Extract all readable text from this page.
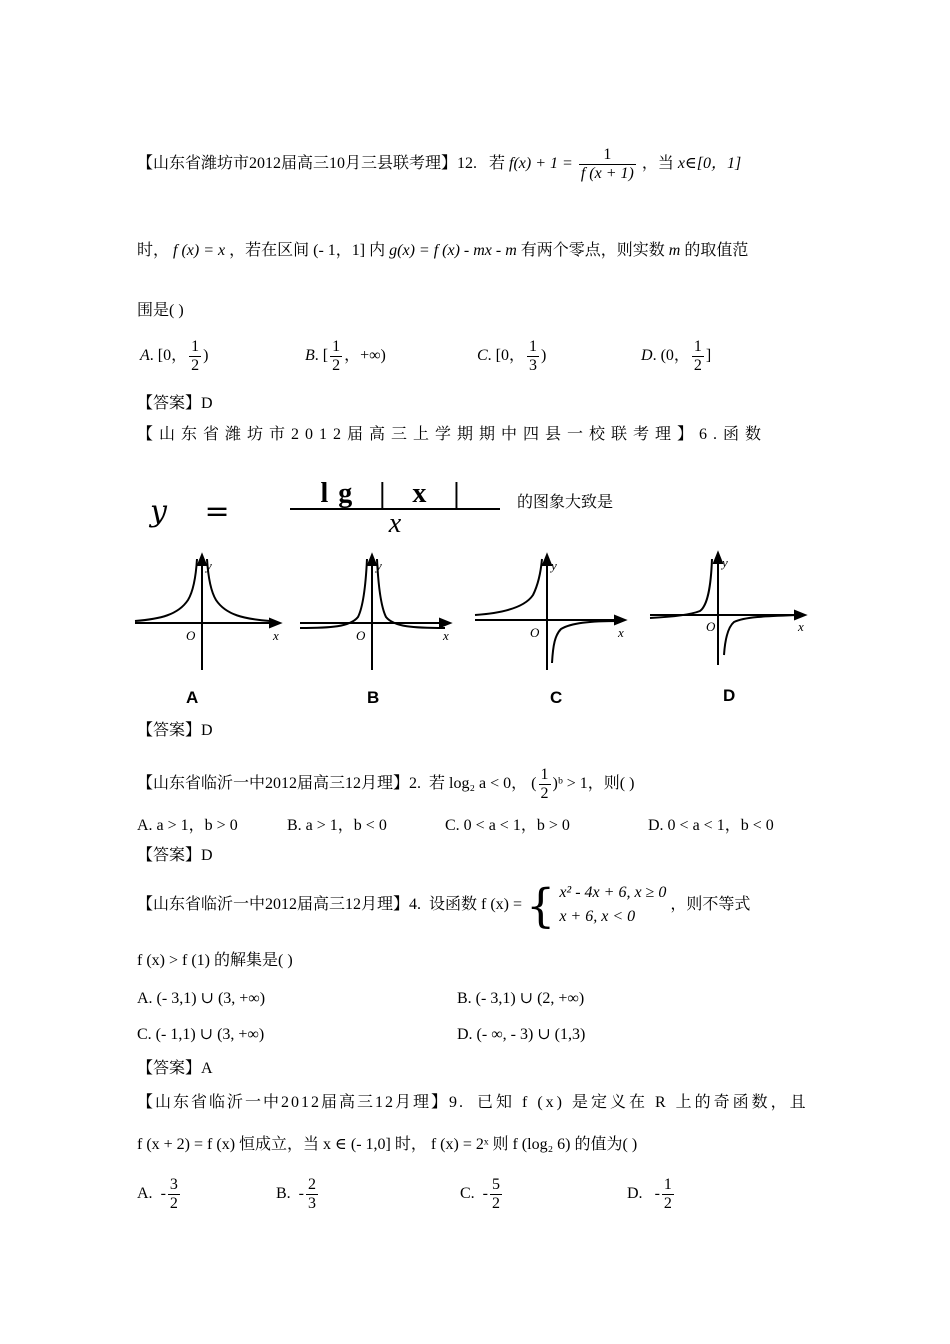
【山东省潍坊市2012届高三10月三县联考理】12. 若 $f(x) + 1 = \frac{1}{f (x + 1)}$ ，当 x∈[0，1]
时， f (x) = x ，若在区间 (- 1，1] 内 g(x) = f (x) - mx - m 有两个零点，则实数 m 的取值范
围是( )
A. [0， $\frac{1}{2}$ )	B. [ $\frac{1}{2}$ ，+∞)	C. [0， $\frac{1}{3}$ )	D. (0， $\frac{1}{2}$ ]
【答案】D
【山东省潍坊市2012届高三上学期期中四县一校联考理】6.函数
y =
lg | x |
x
的图象大致是
y
x
O
y
x
O
y
x
O
y
x
O
A	B	C	D
【答案】D
【山东省临沂一中2012届高三12月理】2. 若 log₂ a < 0， ( $\frac{1}{2}$ )ᵇ > 1，则( )
A. a > 1，b > 0	B. a > 1，b < 0	C. 0 < a < 1，b > 0	D. 0 < a < 1，b < 0
【答案】D
【山东省临沂一中2012届高三12月理】4. 设函数 f (x) = { x² - 4x + 6, x ≥ 0
x + 6, x < 0
，则不等式
f (x) > f (1) 的解集是( )
A. (- 3,1) ∪ (3, +∞)	B. (- 3,1) ∪ (2, +∞)
C. (- 1,1) ∪ (3, +∞)	D. (- ∞, - 3) ∪ (1,3)
【答案】A
【山东省临沂一中2012届高三12月理】9. 已知 f (x) 是定义在 R 上的奇函数，且
f (x + 2) = f (x) 恒成立，当 x ∈ (- 1,0] 时， f (x) = 2ˣ 则 f (log₂ 6) 的值为( )
A.  - $\frac{3}{2}$	B.  - $\frac{2}{3}$	C.  - $\frac{5}{2}$	D.   - $\frac{1}{2}$
